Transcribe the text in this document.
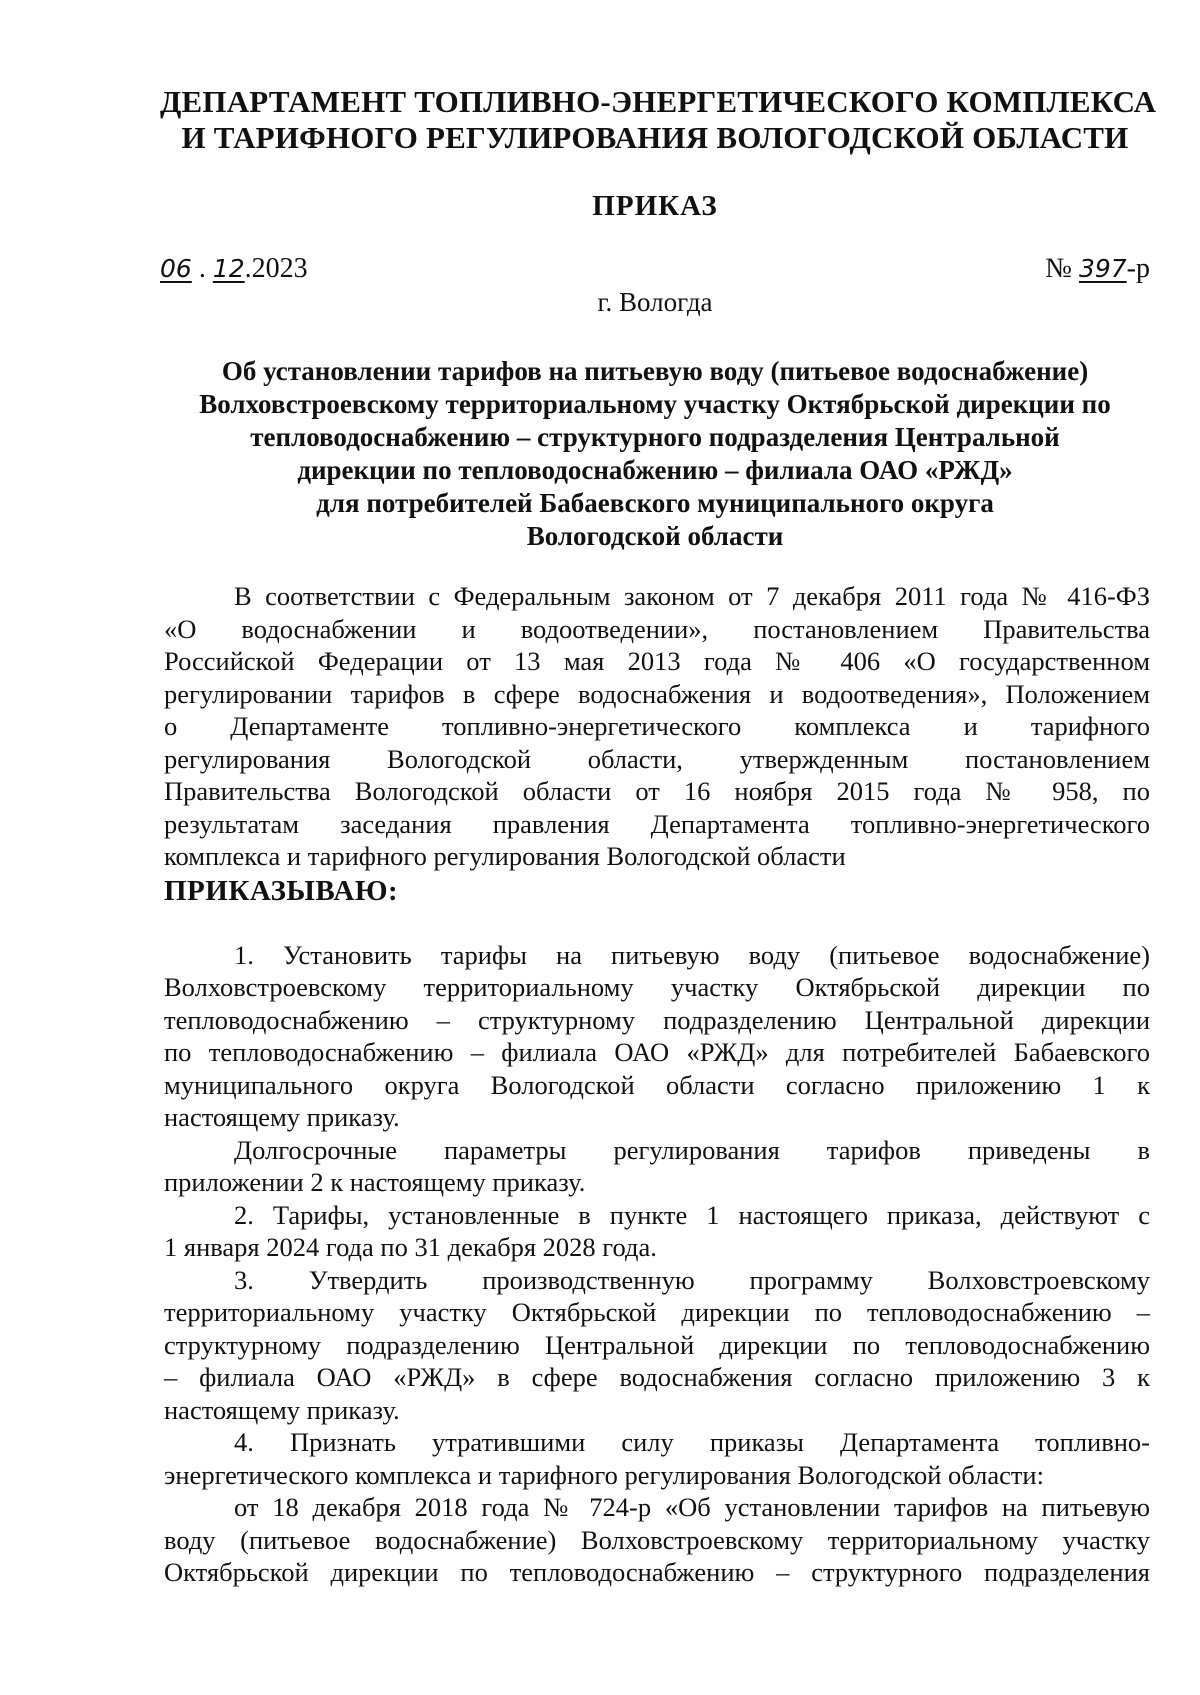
ДЕПАРТАМЕНТ ТОПЛИВНО-ЭНЕРГЕТИЧЕСКОГО КОМПЛЕКСА
И ТАРИФНОГО РЕГУЛИРОВАНИЯ ВОЛОГОДСКОЙ ОБЛАСТИ
ПРИКАЗ
06 . 12.2023	№ 397-р
г. Вологда
Об установлении тарифов на питьевую воду (питьевое водоснабжение)
Волховстроевскому территориальному участку Октябрьской дирекции по
тепловодоснабжению – структурного подразделения Центральной
дирекции по тепловодоснабжению – филиала ОАО «РЖД»
для потребителей Бабаевского муниципального округа
Вологодской области
В соответствии с Федеральным законом от 7 декабря 2011 года № 416-ФЗ
«О водоснабжении и водоотведении», постановлением Правительства
Российской Федерации от 13 мая 2013 года № 406 «О государственном
регулировании тарифов в сфере водоснабжения и водоотведения», Положением
о Департаменте топливно-энергетического комплекса и тарифного
регулирования Вологодской области, утвержденным постановлением
Правительства Вологодской области от 16 ноября 2015 года № 958, по
результатам заседания правления Департамента топливно-энергетического
комплекса и тарифного регулирования Вологодской области
ПРИКАЗЫВАЮ:
1. Установить тарифы на питьевую воду (питьевое водоснабжение)
Волховстроевскому территориальному участку Октябрьской дирекции по
тепловодоснабжению – структурному подразделению Центральной дирекции
по тепловодоснабжению – филиала ОАО «РЖД» для потребителей Бабаевского
муниципального округа Вологодской области согласно приложению 1 к
настоящему приказу.
Долгосрочные параметры регулирования тарифов приведены в
приложении 2 к настоящему приказу.
2. Тарифы, установленные в пункте 1 настоящего приказа, действуют с
1 января 2024 года по 31 декабря 2028 года.
3. Утвердить производственную программу Волховстроевскому
территориальному участку Октябрьской дирекции по тепловодоснабжению –
структурному подразделению Центральной дирекции по тепловодоснабжению
– филиала ОАО «РЖД» в сфере водоснабжения согласно приложению 3 к
настоящему приказу.
4. Признать утратившими силу приказы Департамента топливно-
энергетического комплекса и тарифного регулирования Вологодской области:
от 18 декабря 2018 года № 724-р «Об установлении тарифов на питьевую
воду (питьевое водоснабжение) Волховстроевскому территориальному участку
Октябрьской дирекции по тепловодоснабжению – структурного подразделения
